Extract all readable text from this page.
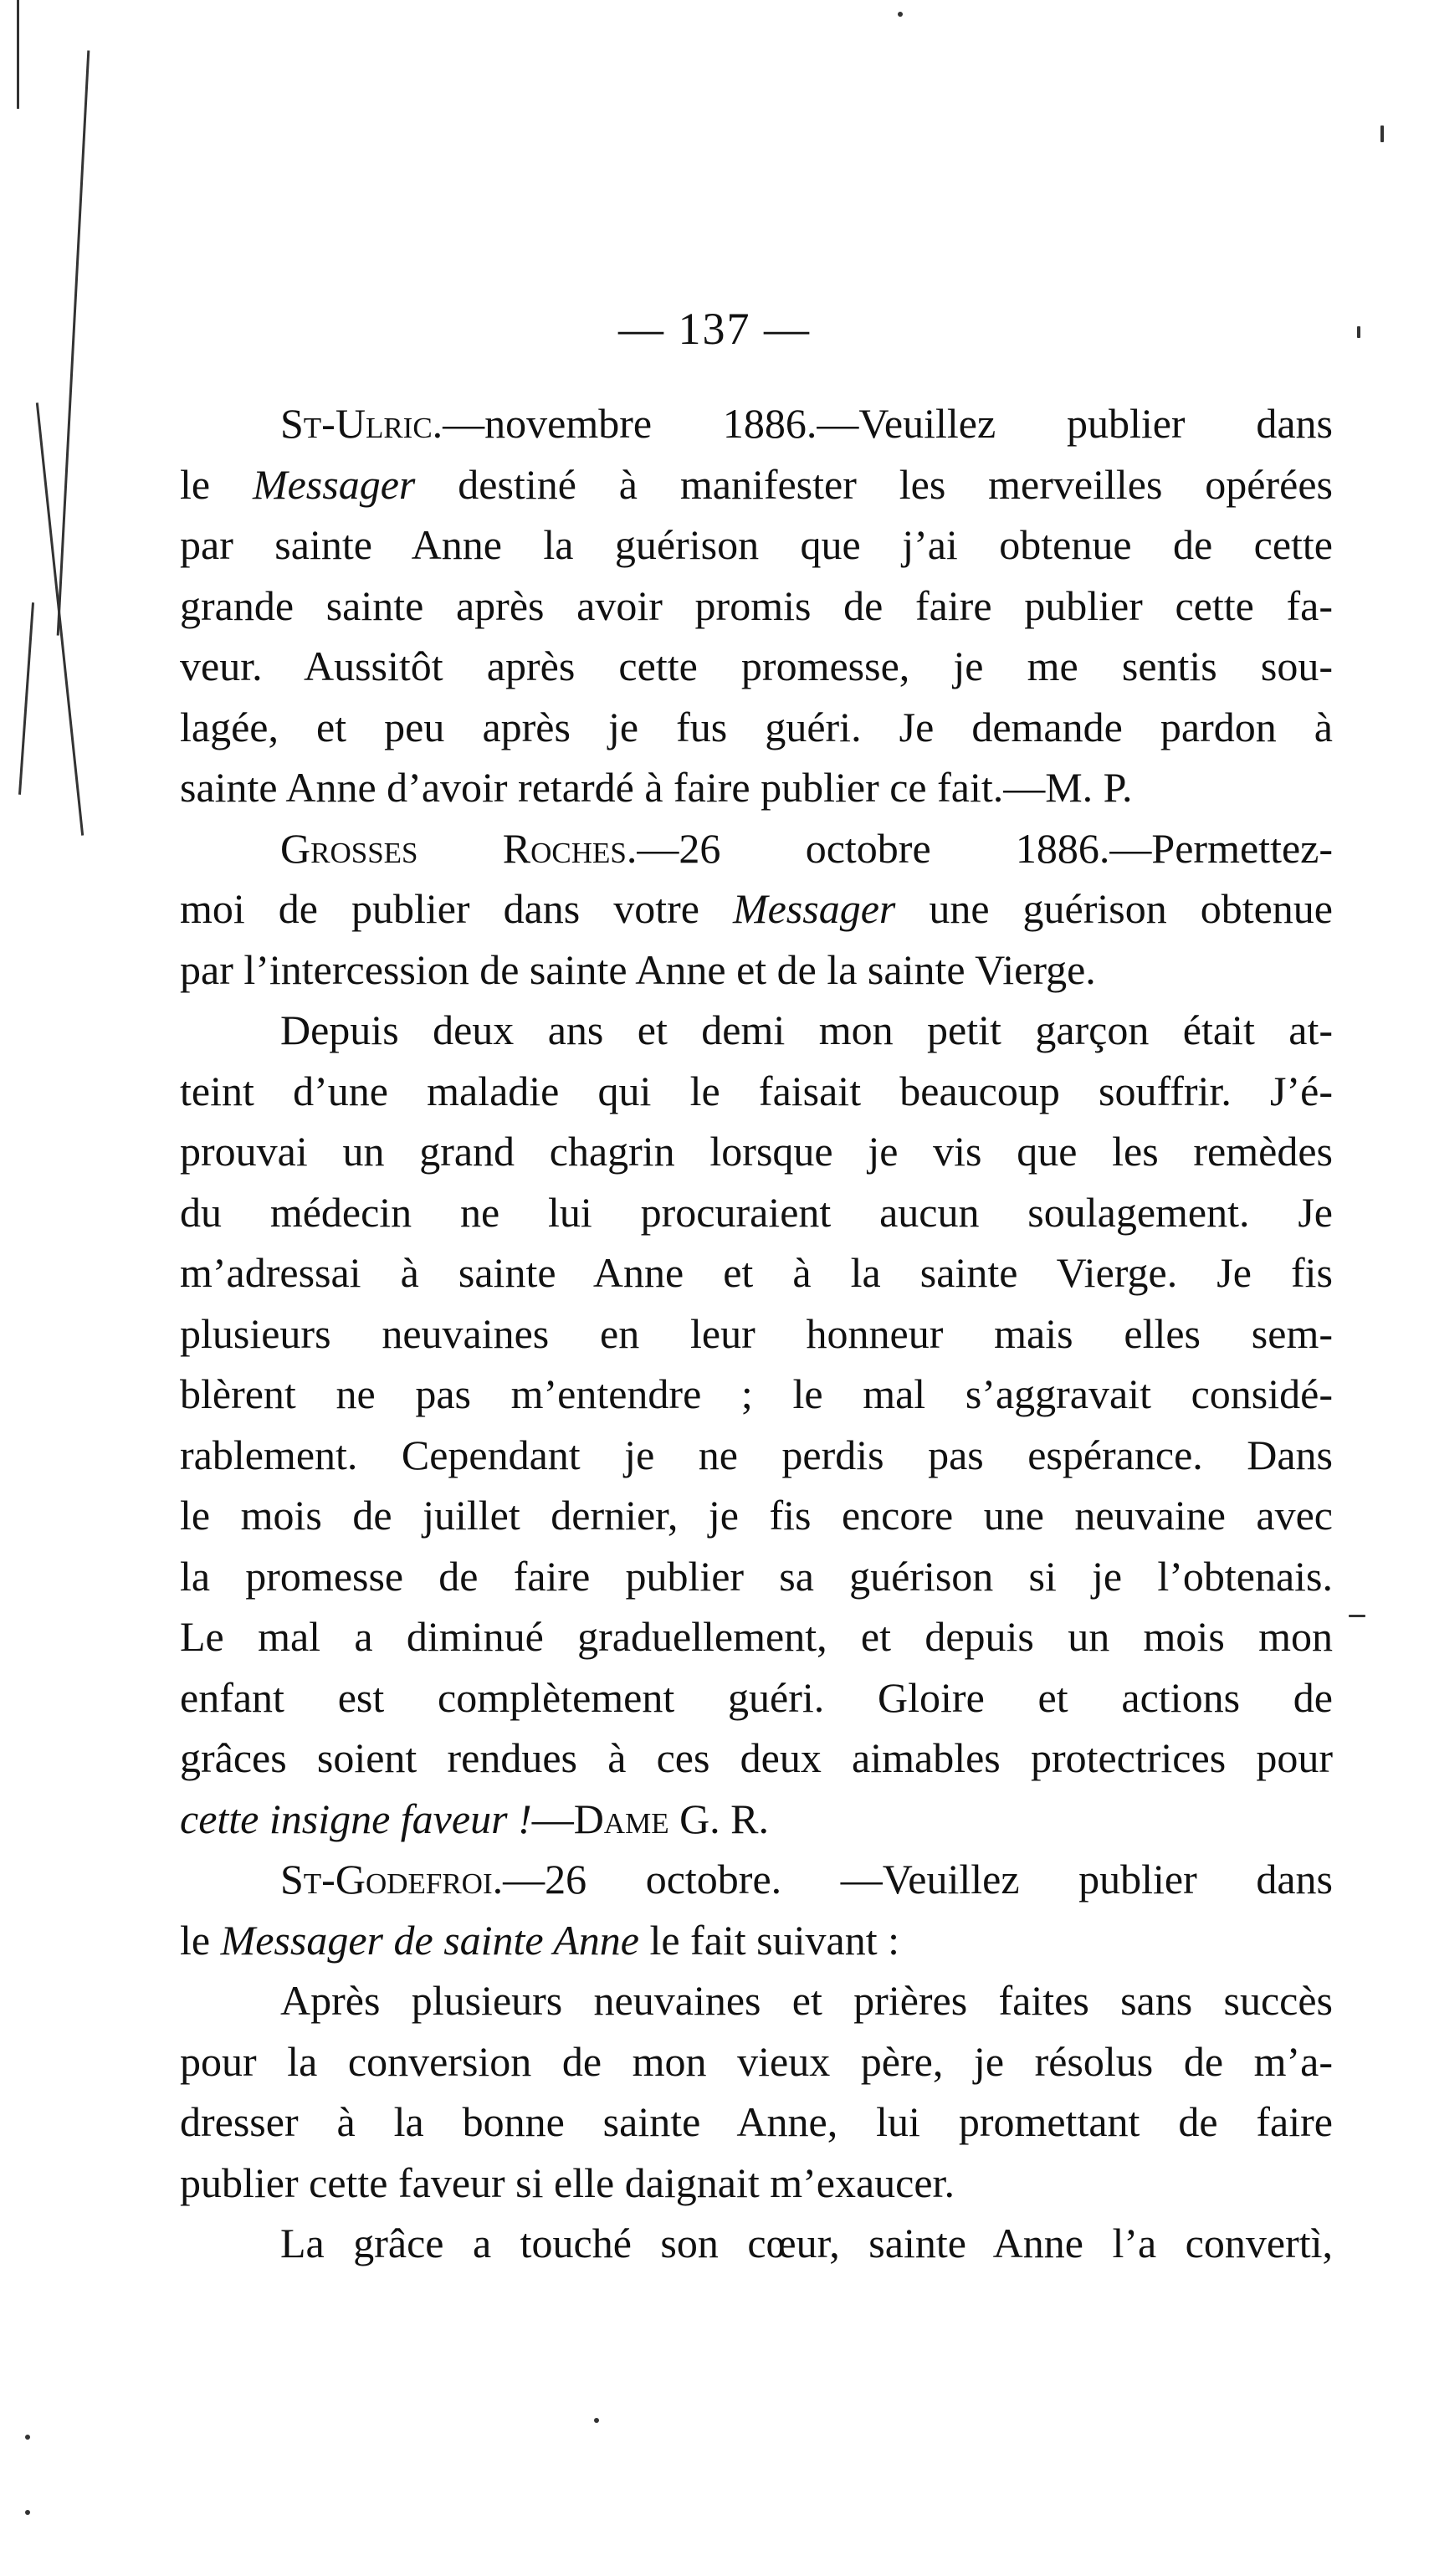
— 137 —
St-Ulric.—novembre 1886.—Veuillez publier dans
le Messager destiné à manifester les merveilles opérées
par sainte Anne la guérison que j’ai obtenue de cette
grande sainte après avoir promis de faire publier cette fa-
veur. Aussitôt après cette promesse, je me sentis sou-
lagée, et peu après je fus guéri. Je demande pardon à
sainte Anne d’avoir retardé à faire publier ce fait.—M. P.
Grosses Roches.—26 octobre 1886.—Permettez-
moi de publier dans votre Messager une guérison obtenue
par l’intercession de sainte Anne et de la sainte Vierge.
Depuis deux ans et demi mon petit garçon était at-
teint d’une maladie qui le faisait beaucoup souffrir. J’é-
prouvai un grand chagrin lorsque je vis que les remèdes
du médecin ne lui procuraient aucun soulagement. Je
m’adressai à sainte Anne et à la sainte Vierge. Je fis
plusieurs neuvaines en leur honneur mais elles sem-
blèrent ne pas m’entendre ; le mal s’aggravait considé-
rablement. Cependant je ne perdis pas espérance. Dans
le mois de juillet dernier, je fis encore une neuvaine avec
la promesse de faire publier sa guérison si je l’obtenais.
Le mal a diminué graduellement, et depuis un mois mon
enfant est complètement guéri. Gloire et actions de
grâces soient rendues à ces deux aimables protectrices pour
cette insigne faveur !—Dame G. R.
St-Godefroi.—26 octobre. —Veuillez publier dans
le Messager de sainte Anne le fait suivant :
Après plusieurs neuvaines et prières faites sans succès
pour la conversion de mon vieux père, je résolus de m’a-
dresser à la bonne sainte Anne, lui promettant de faire
publier cette faveur si elle daignait m’exaucer.
La grâce a touché son cœur, sainte Anne l’a convertì,
